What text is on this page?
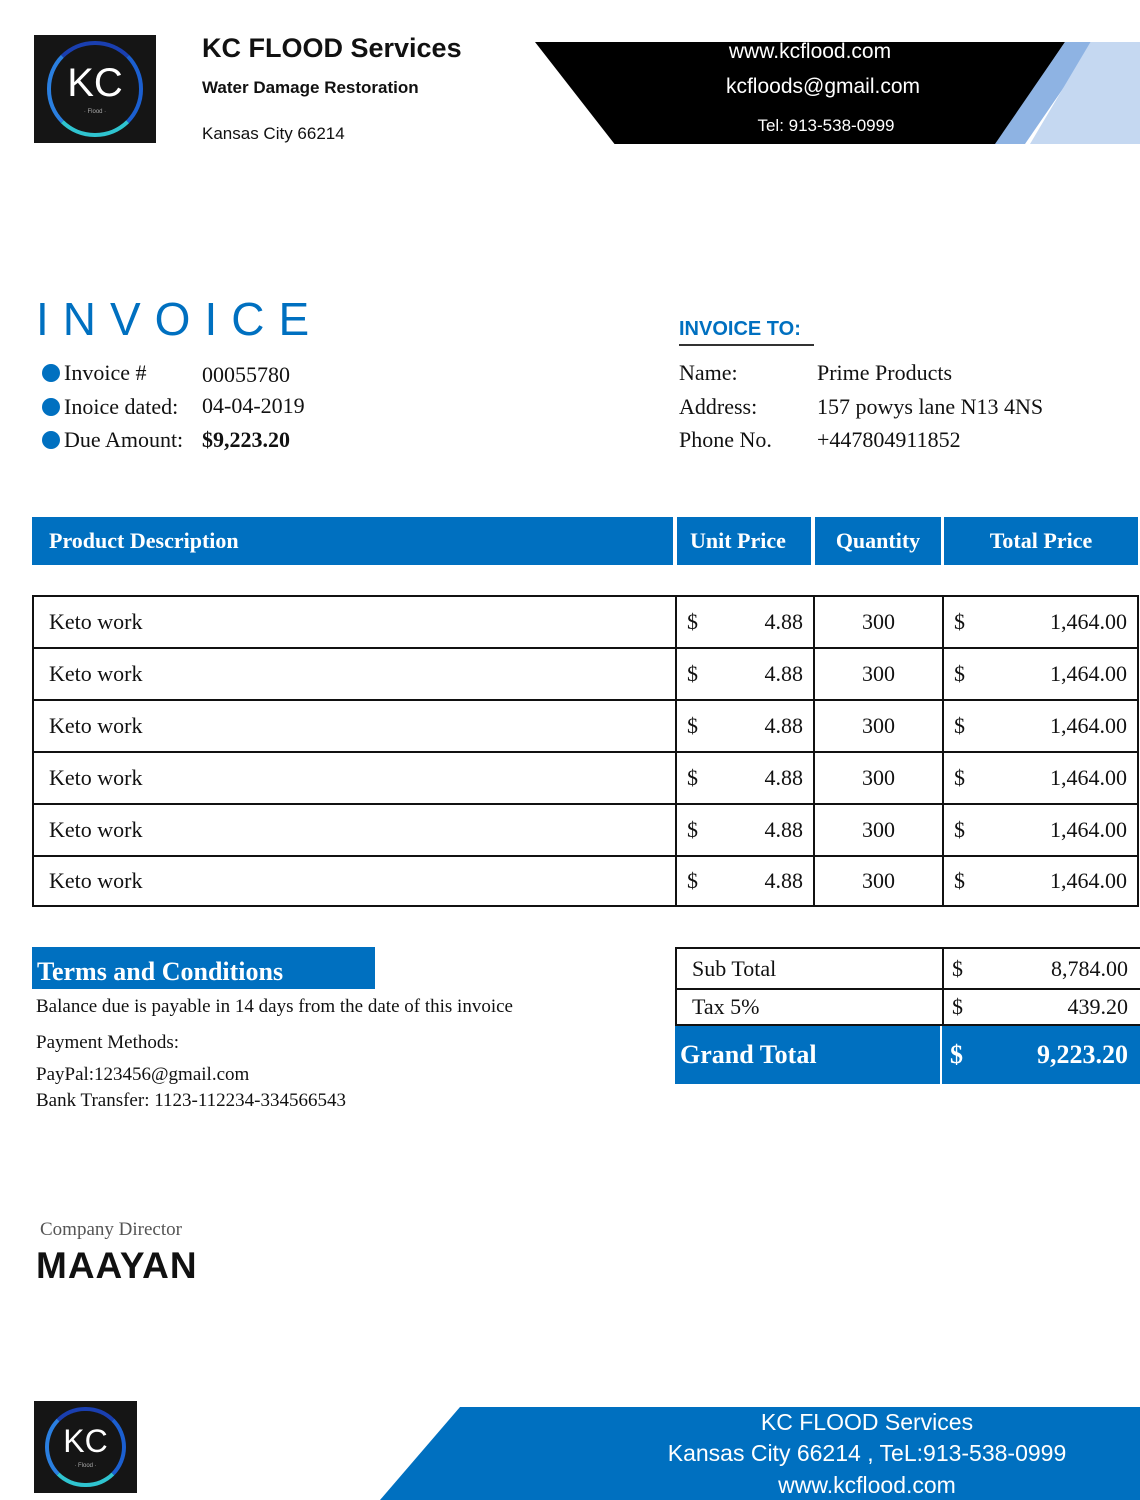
KC
· Flood ·
KC FLOOD Services
Water Damage Restoration
Kansas City 66214
www.kcflood.com
kcfloods@gmail.com
Tel: 913-538-0999
INVOICE
Invoice #	00055780
Inoice dated: 04-04-2019
Due Amount: $9,223.20
INVOICE TO:
Name:	Prime Products
Address:	157 powys lane N13 4NS
Phone No. +447804911852
Product Description	Unit Price	Quantity	Total Price
Keto work	$	4.88	300	$	1,464.00
Keto work	$	4.88	300	$	1,464.00
Keto work	$	4.88	300	$	1,464.00
Keto work	$	4.88	300	$	1,464.00
Keto work	$	4.88	300	$	1,464.00
Keto work	$	4.88	300	$	1,464.00
Terms and Conditions
Balance due is payable in 14 days from the date of this invoice
Payment Methods:
PayPal:123456@gmail.com
Bank Transfer: 1123-112234-334566543
Sub Total	$	8,784.00
Tax 5%	$	439.20
Grand Total	$	9,223.20
Company Director
MAAYAN
KC
· Flood ·
KC FLOOD Services
Kansas City 66214 , TeL:913-538-0999
www.kcflood.com
